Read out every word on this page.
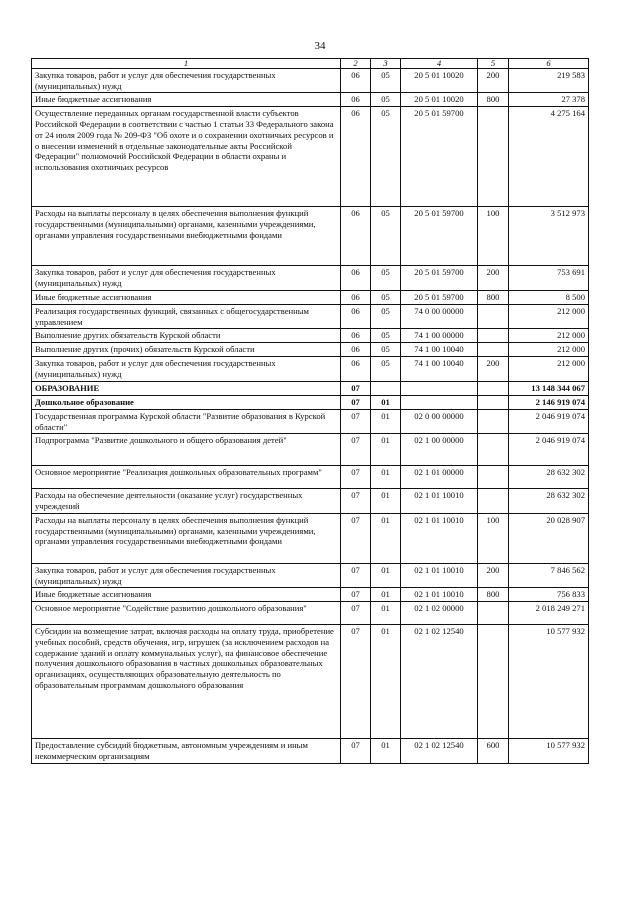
34
1	2	3	4	5	6
Закупка товаров, работ и услуг для обеспечения государственных (муниципальных) нужд	06	05	20 5 01 10020	200	219 583
Иные бюджетные ассигнования	06	05	20 5 01 10020	800	27 378
Осуществление переданных органам государственной власти субъектов Российской Федерации в соответствии с частью 1 статьи 33 Федерального закона от 24 июля 2009 года № 209-ФЗ "Об охоте и о сохранении охотничьих ресурсов и о внесении изменений в отдельные законодательные акты Российской Федерации" полномочий Российской Федерации в области охраны и использования охотничьих ресурсов	06	05	20 5 01 59700		4 275 164
Расходы на выплаты персоналу в целях обеспечения выполнения функций государственными (муниципальными) органами, казенными учреждениями, органами управления государственными внебюджетными фондами	06	05	20 5 01 59700	100	3 512 973
Закупка товаров, работ и услуг для обеспечения государственных (муниципальных) нужд	06	05	20 5 01 59700	200	753 691
Иные бюджетные ассигнования	06	05	20 5 01 59700	800	8 500
Реализация государственных функций, связанных с общегосударственным управлением	06	05	74 0 00 00000		212 000
Выполнение других обязательств Курской области	06	05	74 1 00 00000		212 000
Выполнение других (прочих) обязательств Курской области	06	05	74 1 00 10040		212 000
Закупка товаров, работ и услуг для обеспечения государственных (муниципальных) нужд	06	05	74 1 00 10040	200	212 000
ОБРАЗОВАНИЕ	07				13 148 344 067
Дошкольное образование	07	01			2 146 919 074
Государственная программа Курской области "Развитие образования в Курской области"	07	01	02 0 00 00000		2 046 919 074
Подпрограмма "Развитие дошкольного и общего образования детей"	07	01	02 1 00 00000		2 046 919 074
Основное мероприятие "Реализация дошкольных образовательных программ"	07	01	02 1 01 00000		28 632 302
Расходы на обеспечение деятельности (оказание услуг) государственных учреждений	07	01	02 1 01 10010		28 632 302
Расходы на выплаты персоналу в целях обеспечения выполнения функций государственными (муниципальными) органами, казенными учреждениями, органами управления государственными внебюджетными фондами	07	01	02 1 01 10010	100	20 028 907
Закупка товаров, работ и услуг для обеспечения государственных (муниципальных) нужд	07	01	02 1 01 10010	200	7 846 562
Иные бюджетные ассигнования	07	01	02 1 01 10010	800	756 833
Основное мероприятие "Содействие развитию дошкольного образования"	07	01	02 1 02 00000		2 018 249 271
Субсидии на возмещение затрат, включая расходы на оплату труда, приобретение учебных пособий, средств обучения, игр, игрушек (за исключением расходов на содержание зданий и оплату коммунальных услуг), на финансовое обеспечение получения дошкольного образования в частных дошкольных образовательных организациях, осуществляющих образовательную деятельность по образовательным программам дошкольного образования	07	01	02 1 02 12540		10 577 932
Предоставление субсидий бюджетным, автономным учреждениям и иным некоммерческим организациям	07	01	02 1 02 12540	600	10 577 932
